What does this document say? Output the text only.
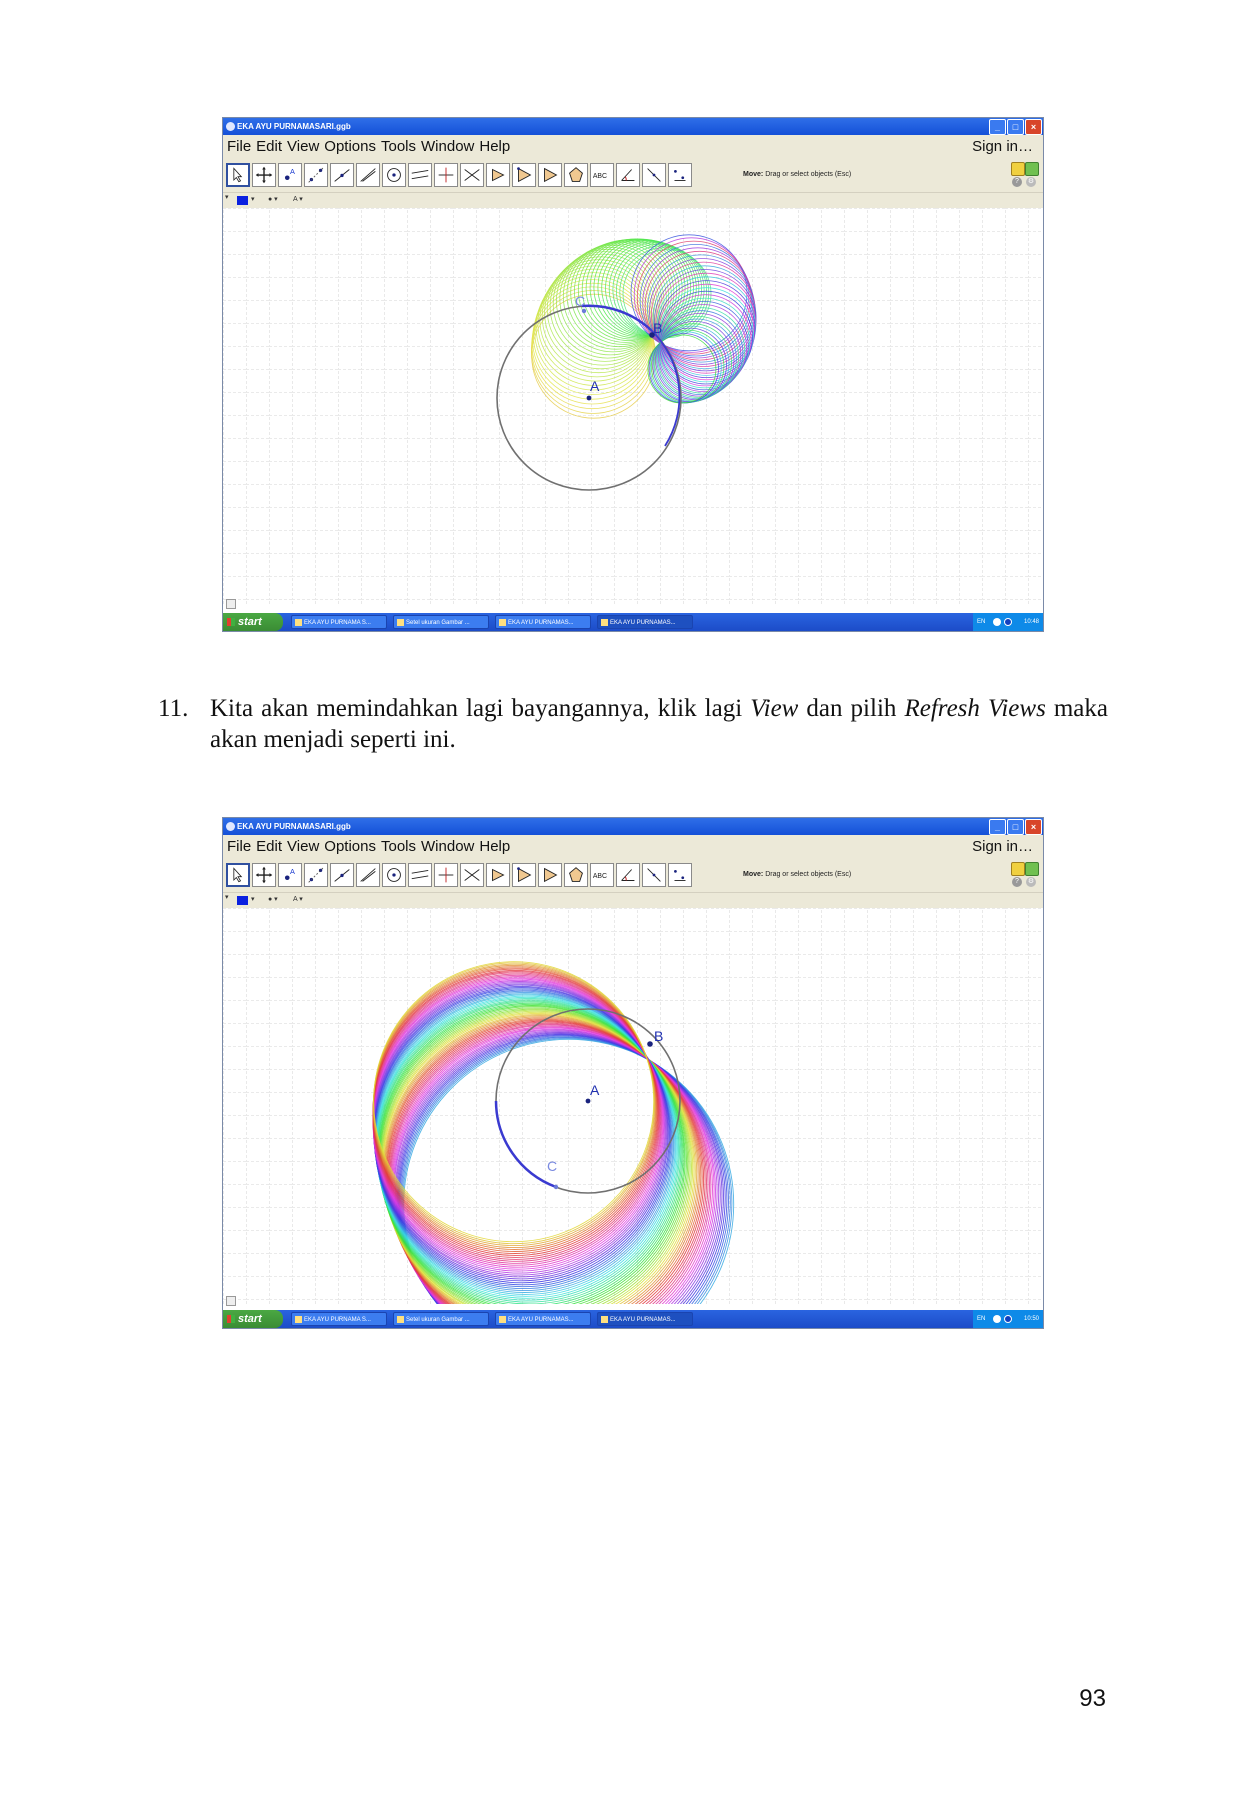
EKA AYU PURNAMASARI.ggb	_	□	×
File Edit View Options Tools Window Help	Sign in…
A
ABC	Move: Drag or select objects (Esc)
?	⚙
▾	▾ ● ▾ A ▾
A
B
C
start	EKA AYU PURNAMA S...	Setel ukuran Gambar ...	EKA AYU PURNAMAS...	EKA AYU PURNAMAS...	EN	10:48
11. Kita akan memindahkan lagi bayangannya, klik lagi View dan pilih Refresh Views maka akan menjadi seperti ini.
EKA AYU PURNAMASARI.ggb	_	□	×
File Edit View Options Tools Window Help	Sign in…
A
ABC	Move: Drag or select objects (Esc)
?	⚙
▾	▾ ● ▾ A ▾
A
B
C
start	EKA AYU PURNAMA S...	Setel ukuran Gambar ...	EKA AYU PURNAMAS...	EKA AYU PURNAMAS...	EN	10:50
93
